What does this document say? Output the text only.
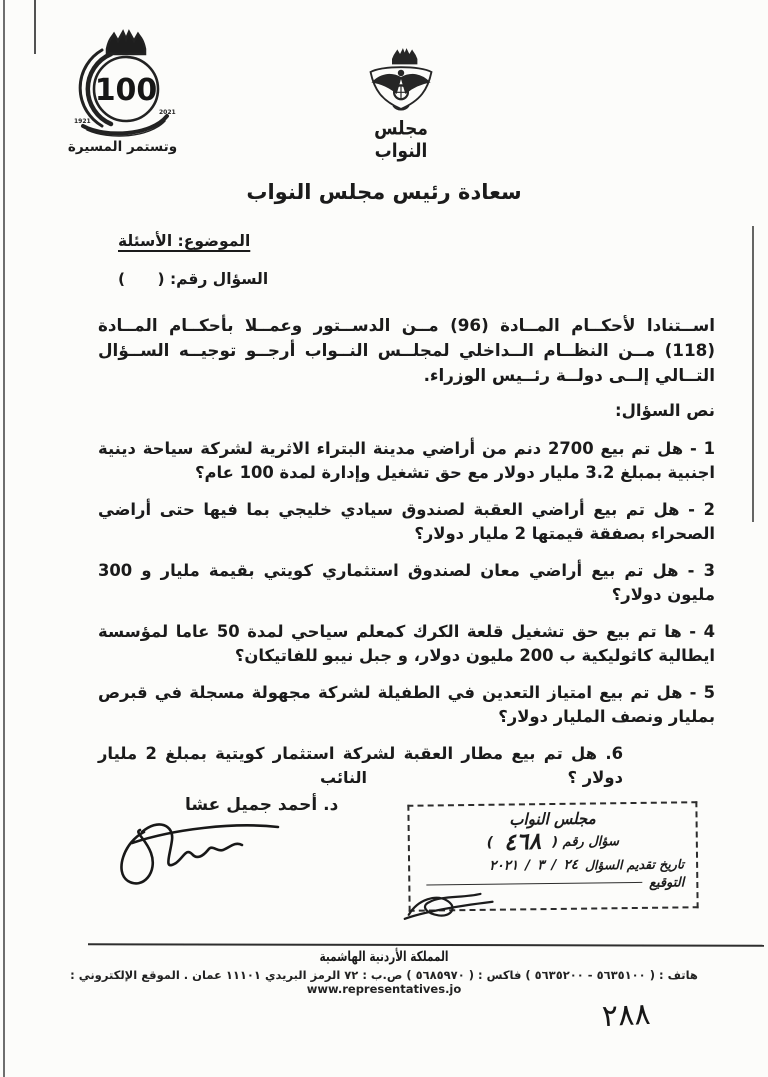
100
1921
2021
وتستمر المسيرة
مجلس النواب
سعادة رئيس مجلس النواب
الموضوع: الأسئلة
السؤال رقم: (      )

اســتنادا لأحكــام المــادة (96) مــن الدســتور وعمــلا بأحكــام المــادة (118) مــن النظــام الــداخلي لمجلــس النــواب أرجــو توجيــه الســؤال التــالي إلــى دولــة رئــيس الوزراء.

نص السؤال:

1 - هل تم بيع 2700 دنم من أراضي مدينة البتراء الاثرية لشركة سياحة دينية اجنبية بمبلغ 3.2 مليار دولار مع حق تشغيل وإدارة لمدة 100 عام؟

2 - هل تم بيع أراضي العقبة لصندوق سيادي خليجي بما فيها حتى أراضي الصحراء بصفقة قيمتها 2 مليار دولار؟

3 - هل تم بيع أراضي معان لصندوق استثماري كويتي بقيمة مليار و 300 مليون دولار؟

4 - ها تم بيع حق تشغيل قلعة الكرك كمعلم سياحي لمدة 50 عاما لمؤسسة ايطالية كاثوليكية ب 200 مليون دولار، و جبل نيبو للفاتيكان؟

5 - هل تم بيع امتياز التعدين في الطفيلة لشركة مجهولة مسجلة في قبرص بمليار ونصف المليار دولار؟

6. هل تم بيع مطار العقبة لشركة استثمار كويتية بمبلغ 2 مليار دولار ؟

النائب
د. أحمد جميل عشا
مجلس النواب
سؤال رقم (
٤٦٨
)
تاريخ تقديم السؤال
٢٤
/
٣
/
٢٠٢١
التوقيع
المملكة الأردنية الهاشمية
هاتف : ( ٥٦٣٥١٠٠ - ٥٦٣٥٢٠٠ ) فاكس : ( ٥٦٨٥٩٧٠ ) ص.ب : ٧٢ الرمز البريدي ١١١٠١ عمان . الموقع الإلكتروني : www.representatives.jo
٢٨٨
